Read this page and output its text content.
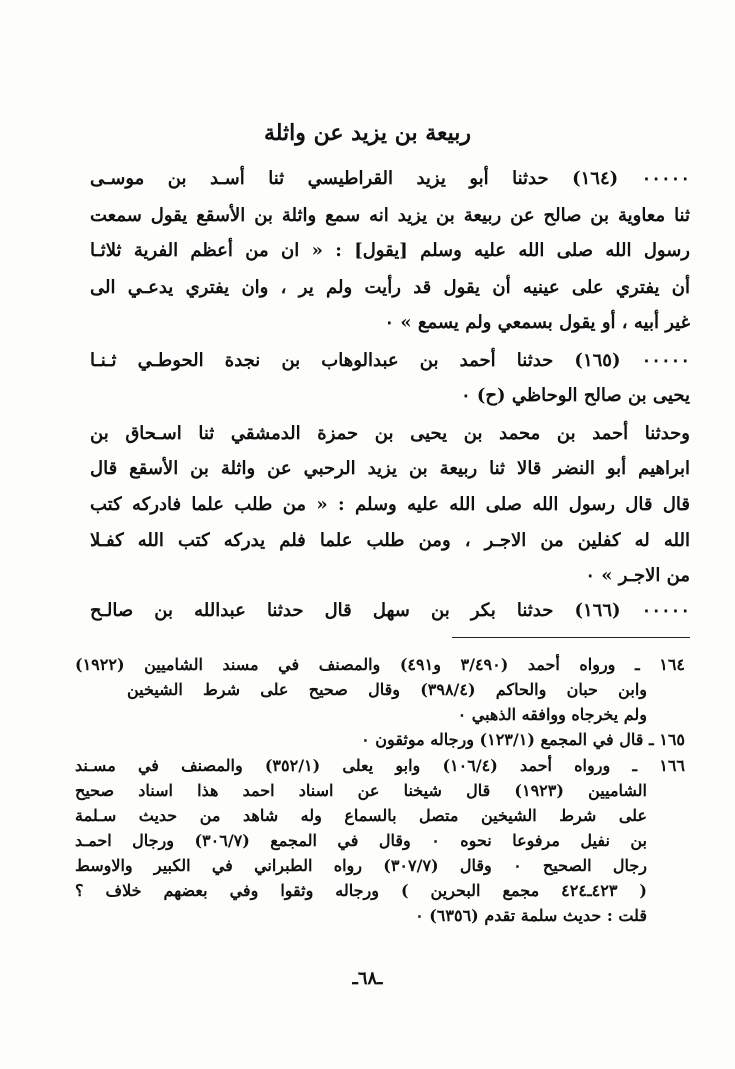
ربيعة بن يزيد عن واثلة
٠٠٠٠٠ (١٦٤) حدثنا أبو يزيد القراطيسي ثنا أسـد بن موسـى
ثنا معاوية بن صالح عن ربيعة بن يزيد انه سمع واثلة بن الأسقع يقول سمعت
رسول الله صلى الله عليه وسلم [يقول] : « ان من أعظم الفرية ثلاثـا
أن يفتري على عينيه أن يقول قد رأيت ولم ير ، وان يفتري يدعـي الى
غير أبيه ، أو يقول بسمعي ولم يسمع » ٠
٠٠٠٠٠ (١٦٥) حدثنا أحمد بن عبدالوهاب بن نجدة الحوطـي ثـنـا
يحيى بن صالح الوحاظي (ح) ٠
وحدثنا أحمد بن محمد بن يحيى بن حمزة الدمشقي ثنا اسـحاق بن
ابراهيم أبو النضر قالا ثنا ربيعة بن يزيد الرحبي عن واثلة بن الأسقع قال
قال قال رسول الله صلى الله عليه وسلم : « من طلب علما فادركه كتب
الله له كفلين من الاجـر ، ومن طلب علما فلم يدركه كتب الله كفـلا
من الاجـر » ٠
٠٠٠٠٠ (١٦٦) حدثنا بكر بن سهل قال حدثنا عبدالله بن صالـح
١٦٤ ـ ورواه أحمد (٣/٤٩٠ و٤٩١) والمصنف في مسند الشاميين (١٩٢٢)
وابن حبان والحاكم (٣٩٨/٤) وقال صحيح على شرط الشيخين
ولم يخرجاه ووافقه الذهبي ٠
١٦٥ ـ قال في المجمع (١٢٣/١) ورجاله موثقون ٠
١٦٦ ـ ورواه أحمد (١٠٦/٤) وابو يعلى (٣٥٢/١) والمصنف في مسـند
الشاميين (١٩٢٣) قال شيخنا عن اسناد احمد هذا اسناد صحيح
على شرط الشيخين متصل بالسماع وله شاهد من حديث سـلمة
بن نفيل مرفوعا نحوه ٠ وقال في المجمع (٣٠٦/٧) ورجال احمـد
رجال الصحيح ٠ وقال (٣٠٧/٧) رواه الطبراني في الكبير والاوسط
( ٤٢٣ـ٤٢٤ مجمع البحرين ) ورجاله وثقوا وفي بعضهم خلاف ؟
قلت : حديث سلمة تقدم (٦٣٥٦) ٠
ـ٦٨ـ
